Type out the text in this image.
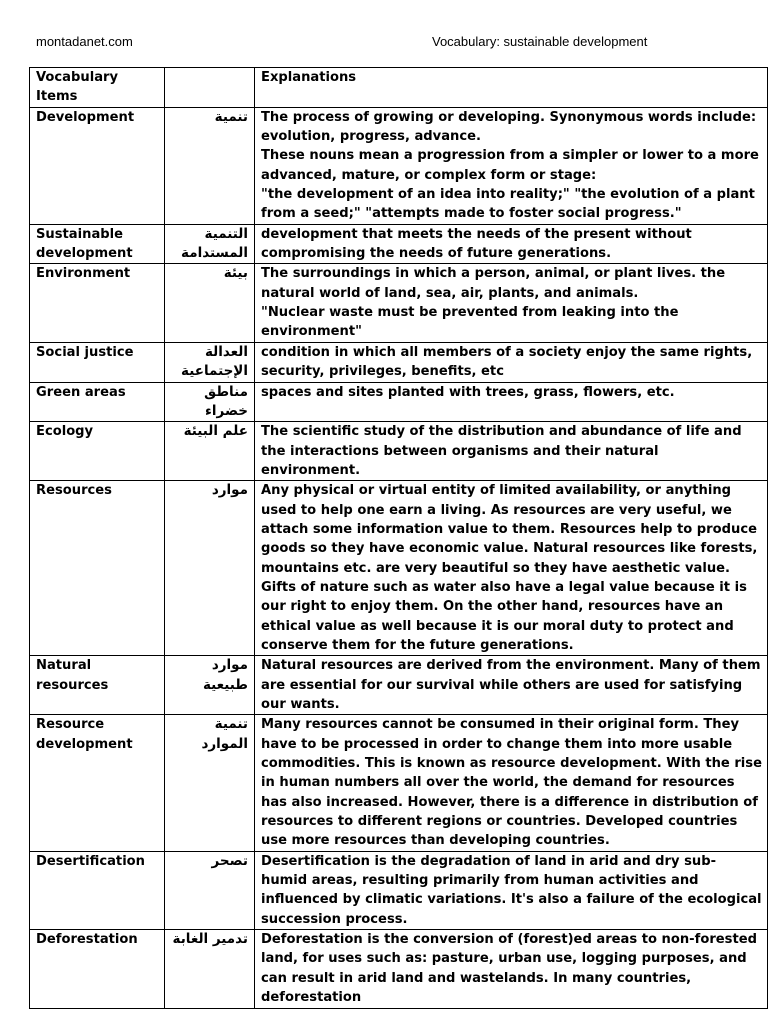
montadanet.com	Vocabulary: sustainable development
Vocabulary Items		Explanations
Development	تنمية	The process of growing or developing. Synonymous words include: evolution, progress, advance.
These nouns mean a progression from a simpler or lower to a more advanced, mature, or complex form or stage:
"the development of an idea into reality;" "the evolution of a plant from a seed;" "attempts made to foster social progress."
Sustainable development	التنمية المستدامة	development that meets the needs of the present without compromising the needs of future generations.
Environment	بيئة	The surroundings in which a person, animal, or plant lives. the natural world of land, sea, air, plants, and animals.
"Nuclear waste must be prevented from leaking into the environment"
Social justice	العدالة الإجتماعية	condition in which all members of a society enjoy the same rights, security, privileges, benefits, etc
Green areas	مناطق خضراء	spaces and sites planted with trees, grass, flowers, etc.
Ecology	علم البيئة	The scientific study of the distribution and abundance of life and the interactions between organisms and their natural environment.
Resources	موارد	Any physical or virtual entity of limited availability, or anything used to help one earn a living. As resources are very useful, we attach some information value to them. Resources help to produce goods so they have economic value. Natural resources like forests, mountains etc. are very beautiful so they have aesthetic value. Gifts of nature such as water also have a legal value because it is our right to enjoy them. On the other hand, resources have an ethical value as well because it is our moral duty to protect and conserve them for the future generations.
Natural resources	موارد طبيعية	Natural resources are derived from the environment. Many of them are essential for our survival while others are used for satisfying our wants.
Resource development	تنمية الموارد	Many resources cannot be consumed in their original form. They have to be processed in order to change them into more usable commodities. This is known as resource development. With the rise in human numbers all over the world, the demand for resources has also increased. However, there is a difference in distribution of resources to different regions or countries. Developed countries use more resources than developing countries.
Desertification	تصحر	Desertification is the degradation of land in arid and dry sub-humid areas, resulting primarily from human activities and influenced by climatic variations. It's also a failure of the ecological succession process.
Deforestation	تدمير الغابة	Deforestation is the conversion of (forest)ed areas to non-forested land, for uses such as: pasture, urban use, logging purposes, and can result in arid land and wastelands. In many countries, deforestation
